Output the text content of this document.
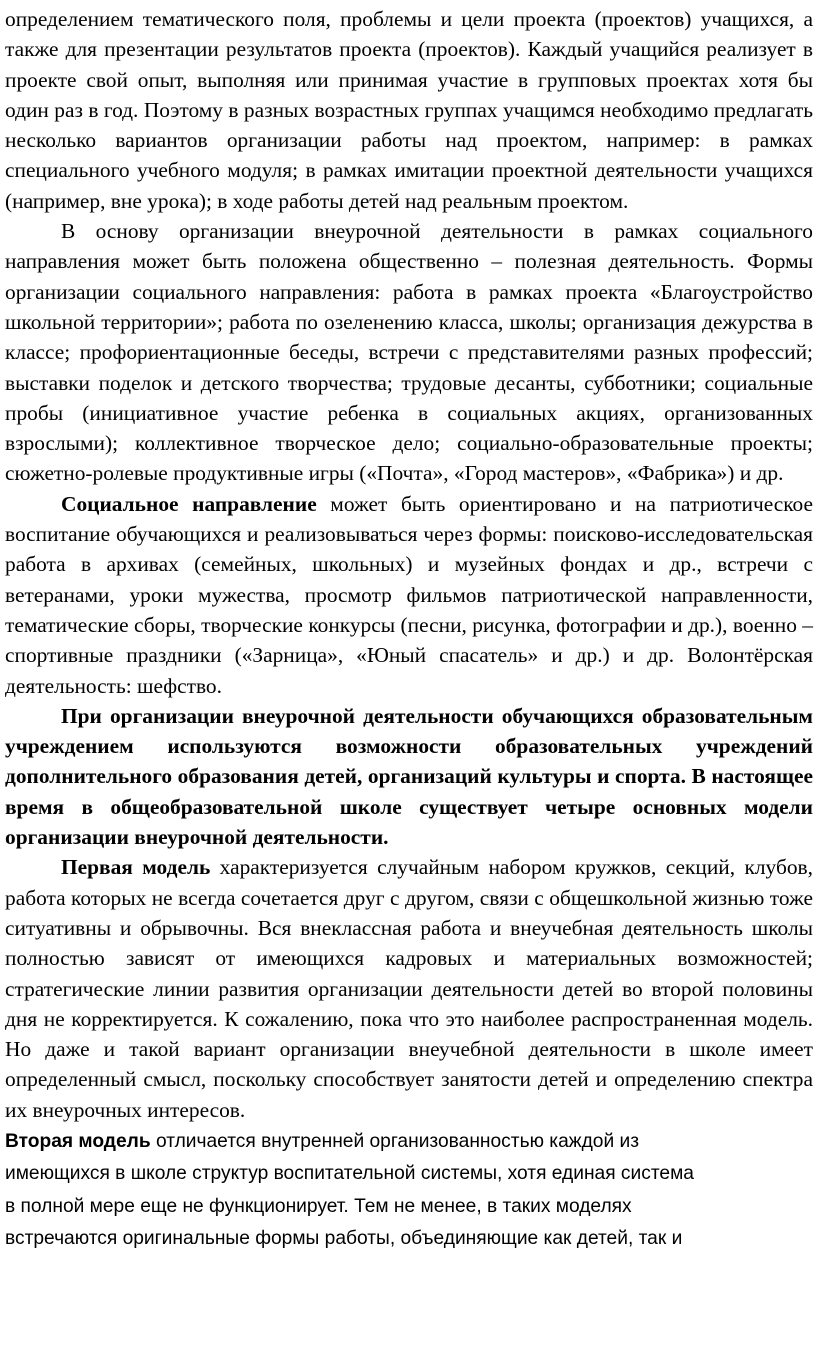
определением тематического поля, проблемы и цели проекта (проектов) учащихся, а также для презентации результатов проекта (проектов). Каждый учащийся реализует в проекте свой опыт, выполняя или принимая участие в групповых проектах хотя бы один раз в год. Поэтому в разных возрастных группах учащимся необходимо предлагать несколько вариантов организации работы над проектом, например: в рамках специального учебного модуля; в рамках имитации проектной деятельности учащихся (например, вне урока); в ходе работы детей над реальным проектом.

В основу организации внеурочной деятельности в рамках социального направления может быть положена общественно – полезная деятельность. Формы организации социального направления: работа в рамках проекта «Благоустройство школьной территории»; работа по озеленению класса, школы; организация дежурства в классе; профориентационные беседы, встречи с представителями разных профессий; выставки поделок и детского творчества; трудовые десанты, субботники; социальные пробы (инициативное участие ребенка в социальных акциях, организованных взрослыми); коллективное творческое дело; социально-образовательные проекты; сюжетно-ролевые продуктивные игры («Почта», «Город мастеров», «Фабрика») и др.

Социальное направление может быть ориентировано и на патриотическое воспитание обучающихся и реализовываться через формы: поисково-исследовательская работа в архивах (семейных, школьных) и музейных фондах и др., встречи с ветеранами, уроки мужества, просмотр фильмов патриотической направленности, тематические сборы, творческие конкурсы (песни, рисунка, фотографии и др.), военно – спортивные праздники («Зарница», «Юный спасатель» и др.) и др. Волонтёрская деятельность: шефство.

При организации внеурочной деятельности обучающихся образовательным учреждением используются возможности образовательных учреждений дополнительного образования детей, организаций культуры и спорта. В настоящее время в общеобразовательной школе существует четыре основных модели организации внеурочной деятельности.

Первая модель характеризуется случайным набором кружков, секций, клубов, работа которых не всегда сочетается друг с другом, связи с общешкольной жизнью тоже ситуативны и обрывочны. Вся внеклассная работа и внеучебная деятельность школы полностью зависят от имеющихся кадровых и материальных возможностей; стратегические линии развития организации деятельности детей во второй половины дня не корректируется. К сожалению, пока что это наиболее распространенная модель. Но даже и такой вариант организации внеучебной деятельности в школе имеет определенный смысл, поскольку способствует занятости детей и определению спектра их внеурочных интересов.

Вторая модель отличается внутренней организованностью каждой из
имеющихся в школе структур воспитательной системы, хотя единая система
в полной мере еще не функционирует. Тем не менее, в таких моделях
встречаются оригинальные формы работы, объединяющие как детей, так и
